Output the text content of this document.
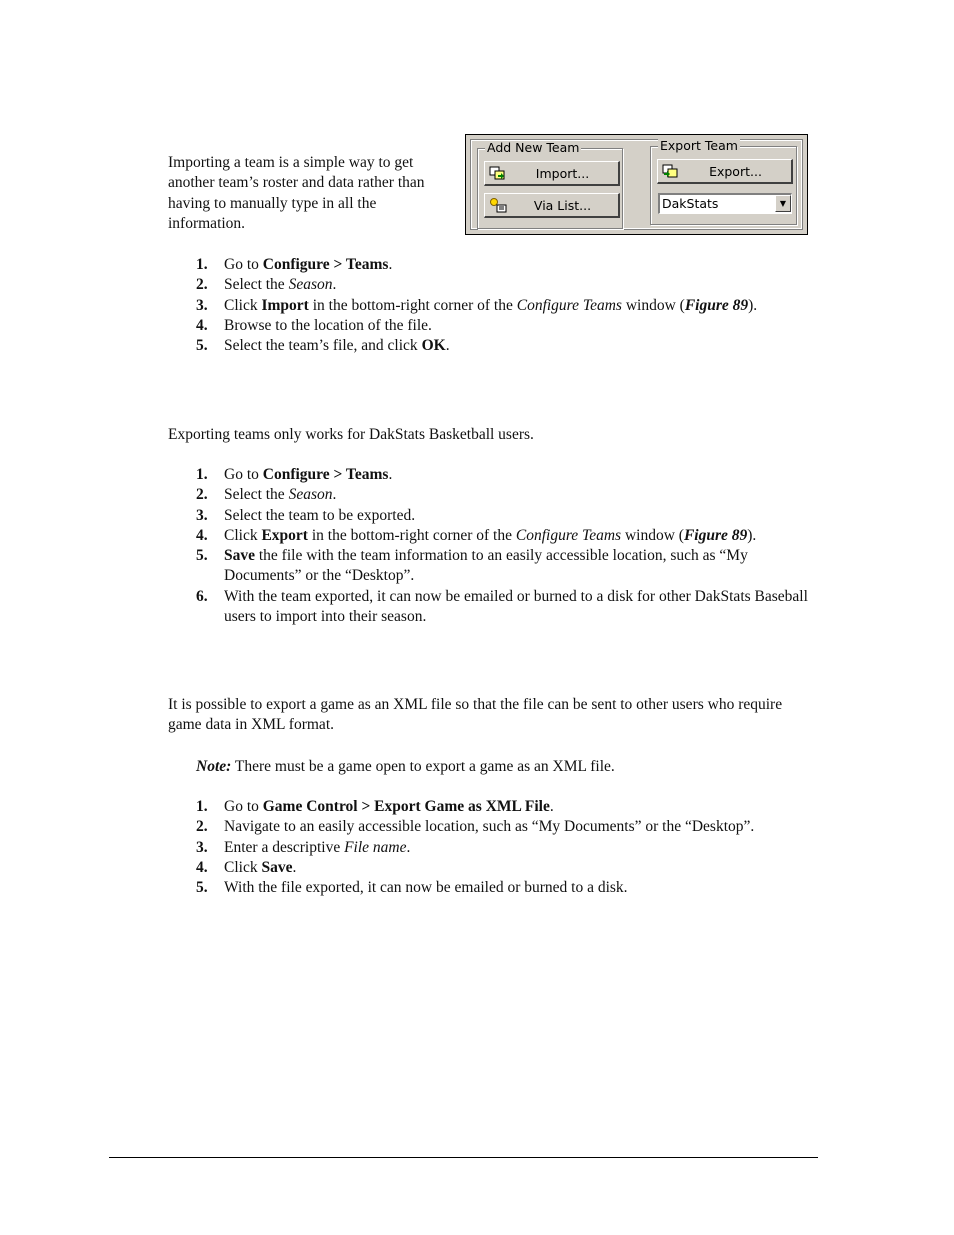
Importing a team is a simple way to get another team’s roster and data rather than having to manually type in all the information.

Add New Team
Import...
Via List...
Export Team
Export...
DakStats	▼
1. Go to Configure > Teams.
2. Select the Season.
3. Click Import in the bottom-right corner of the Configure Teams window (Figure 89).
4. Browse to the location of the file.
5. Select the team’s file, and click OK.

Exporting teams only works for DakStats Basketball users.

1. Go to Configure > Teams.
2. Select the Season.
3. Select the team to be exported.
4. Click Export in the bottom-right corner of the Configure Teams window (Figure 89).
5. Save the file with the team information to an easily accessible location, such as “My Documents” or the “Desktop”.
6. With the team exported, it can now be emailed or burned to a disk for other DakStats Baseball users to import into their season.

It is possible to export a game as an XML file so that the file can be sent to other users who require game data in XML format.

Note: There must be a game open to export a game as an XML file.

1. Go to Game Control > Export Game as XML File.
2. Navigate to an easily accessible location, such as “My Documents” or the “Desktop”.
3. Enter a descriptive File name.
4. Click Save.
5. With the file exported, it can now be emailed or burned to a disk.
